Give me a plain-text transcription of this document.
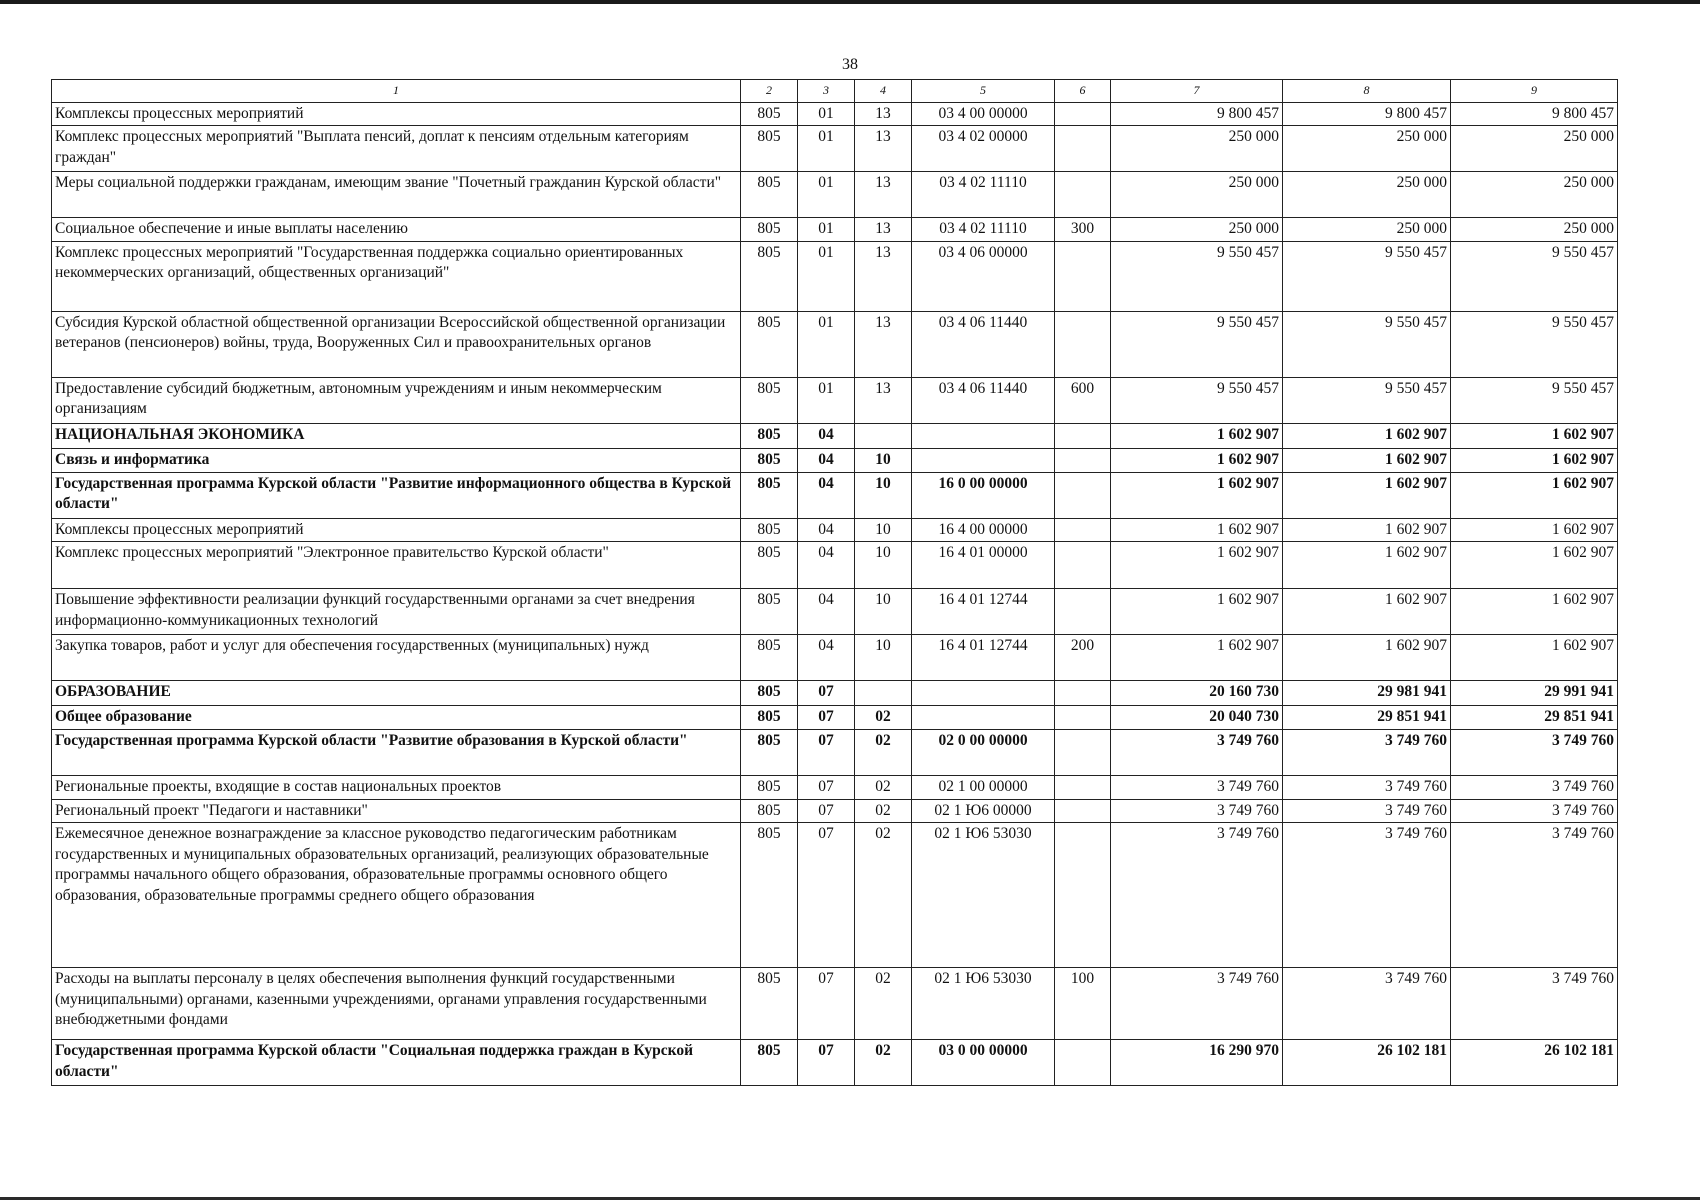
38
1	2	3	4	5	6	7	8	9
Комплексы процессных мероприятий	805	01	13	03 4 00 00000		9 800 457	9 800 457	9 800 457
Комплекс процессных мероприятий "Выплата пенсий, доплат к пенсиям отдельным категориям граждан"	805	01	13	03 4 02 00000		250 000	250 000	250 000
Меры социальной поддержки гражданам, имеющим звание "Почетный гражданин Курской области"	805	01	13	03 4 02 11110		250 000	250 000	250 000
Социальное обеспечение и иные выплаты населению	805	01	13	03 4 02 11110	300	250 000	250 000	250 000
Комплекс процессных мероприятий "Государственная поддержка социально ориентированных некоммерческих организаций, общественных организаций"	805	01	13	03 4 06 00000		9 550 457	9 550 457	9 550 457
Субсидия Курской областной общественной организации Всероссийской общественной организации ветеранов (пенсионеров) войны, труда, Вооруженных Сил и правоохранительных органов	805	01	13	03 4 06 11440		9 550 457	9 550 457	9 550 457
Предоставление субсидий бюджетным, автономным учреждениям и иным некоммерческим организациям	805	01	13	03 4 06 11440	600	9 550 457	9 550 457	9 550 457
НАЦИОНАЛЬНАЯ ЭКОНОМИКА	805	04				1 602 907	1 602 907	1 602 907
Связь и информатика	805	04	10			1 602 907	1 602 907	1 602 907
Государственная программа Курской области "Развитие информационного общества в Курской области"	805	04	10	16 0 00 00000		1 602 907	1 602 907	1 602 907
Комплексы процессных мероприятий	805	04	10	16 4 00 00000		1 602 907	1 602 907	1 602 907
Комплекс процессных мероприятий "Электронное правительство Курской области"	805	04	10	16 4 01 00000		1 602 907	1 602 907	1 602 907
Повышение эффективности реализации функций государственными органами за счет внедрения информационно-коммуникационных технологий	805	04	10	16 4 01 12744		1 602 907	1 602 907	1 602 907
Закупка товаров, работ и услуг для обеспечения государственных (муниципальных) нужд	805	04	10	16 4 01 12744	200	1 602 907	1 602 907	1 602 907
ОБРАЗОВАНИЕ	805	07				20 160 730	29 981 941	29 991 941
Общее образование	805	07	02			20 040 730	29 851 941	29 851 941
Государственная программа Курской области "Развитие образования в Курской области"	805	07	02	02 0 00 00000		3 749 760	3 749 760	3 749 760
Региональные проекты, входящие в состав национальных проектов	805	07	02	02 1 00 00000		3 749 760	3 749 760	3 749 760
Региональный проект "Педагоги и наставники"	805	07	02	02 1 Ю6 00000		3 749 760	3 749 760	3 749 760
Ежемесячное денежное вознаграждение за классное руководство педагогическим работникам государственных и муниципальных образовательных организаций, реализующих образовательные программы начального общего образования, образовательные программы основного общего образования, образовательные программы среднего общего образования	805	07	02	02 1 Ю6 53030		3 749 760	3 749 760	3 749 760
Расходы на выплаты персоналу в целях обеспечения выполнения функций государственными (муниципальными) органами, казенными учреждениями, органами управления государственными внебюджетными фондами	805	07	02	02 1 Ю6 53030	100	3 749 760	3 749 760	3 749 760
Государственная программа Курской области "Социальная поддержка граждан в Курской области"	805	07	02	03 0 00 00000		16 290 970	26 102 181	26 102 181
